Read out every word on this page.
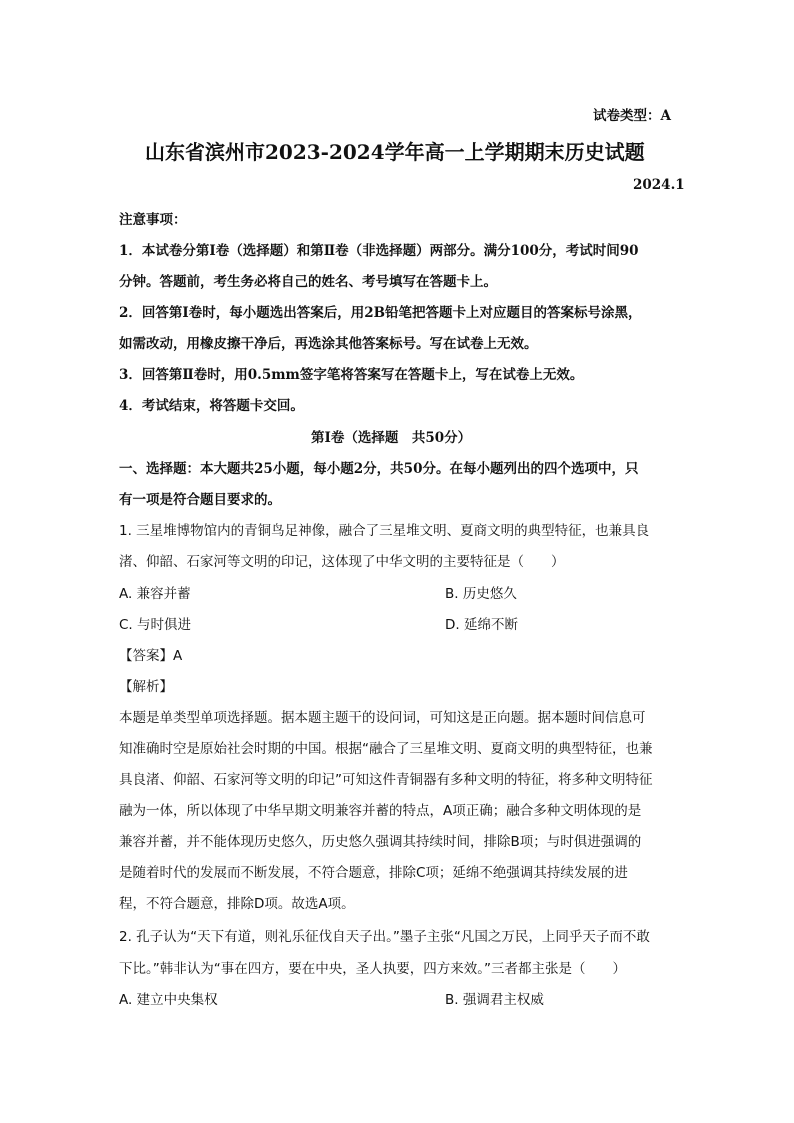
试卷类型：A
山东省滨州市2023-2024学年高一上学期期末历史试题
2024.1
注意事项：
1．本试卷分第Ⅰ卷（选择题）和第Ⅱ卷（非选择题）两部分。满分100分，考试时间90
分钟。答题前，考生务必将自己的姓名、考号填写在答题卡上。
2．回答第Ⅰ卷时，每小题选出答案后，用2B铅笔把答题卡上对应题目的答案标号涂黑，
如需改动，用橡皮擦干净后，再选涂其他答案标号。写在试卷上无效。
3．回答第Ⅱ卷时，用0.5mm签字笔将答案写在答题卡上，写在试卷上无效。
4．考试结束，将答题卡交回。
第Ⅰ卷（选择题　共50分）
一、选择题：本大题共25小题，每小题2分，共50分。在每小题列出的四个选项中，只
有一项是符合题目要求的。
1. 三星堆博物馆内的青铜鸟足神像，融合了三星堆文明、夏商文明的典型特征，也兼具良
渚、仰韶、石家河等文明的印记，这体现了中华文明的主要特征是（　　）
A. 兼容并蓄	B. 历史悠久
C. 与时俱进	D. 延绵不断
【答案】A
【解析】
本题是单类型单项选择题。据本题主题干的设问词，可知这是正向题。据本题时间信息可
知准确时空是原始社会时期的中国。根据“融合了三星堆文明、夏商文明的典型特征，也兼
具良渚、仰韶、石家河等文明的印记”可知这件青铜器有多种文明的特征，将多种文明特征
融为一体，所以体现了中华早期文明兼容并蓄的特点，A项正确；融合多种文明体现的是
兼容并蓄，并不能体现历史悠久，历史悠久强调其持续时间，排除B项；与时俱进强调的
是随着时代的发展而不断发展，不符合题意，排除C项；延绵不绝强调其持续发展的进
程，不符合题意，排除D项。故选A项。
2. 孔子认为“天下有道，则礼乐征伐自天子出。”墨子主张“凡国之万民，上同乎天子而不敢
下比。”韩非认为“事在四方，要在中央，圣人执要，四方来效。”三者都主张是（　　）
A. 建立中央集权	B. 强调君主权威
